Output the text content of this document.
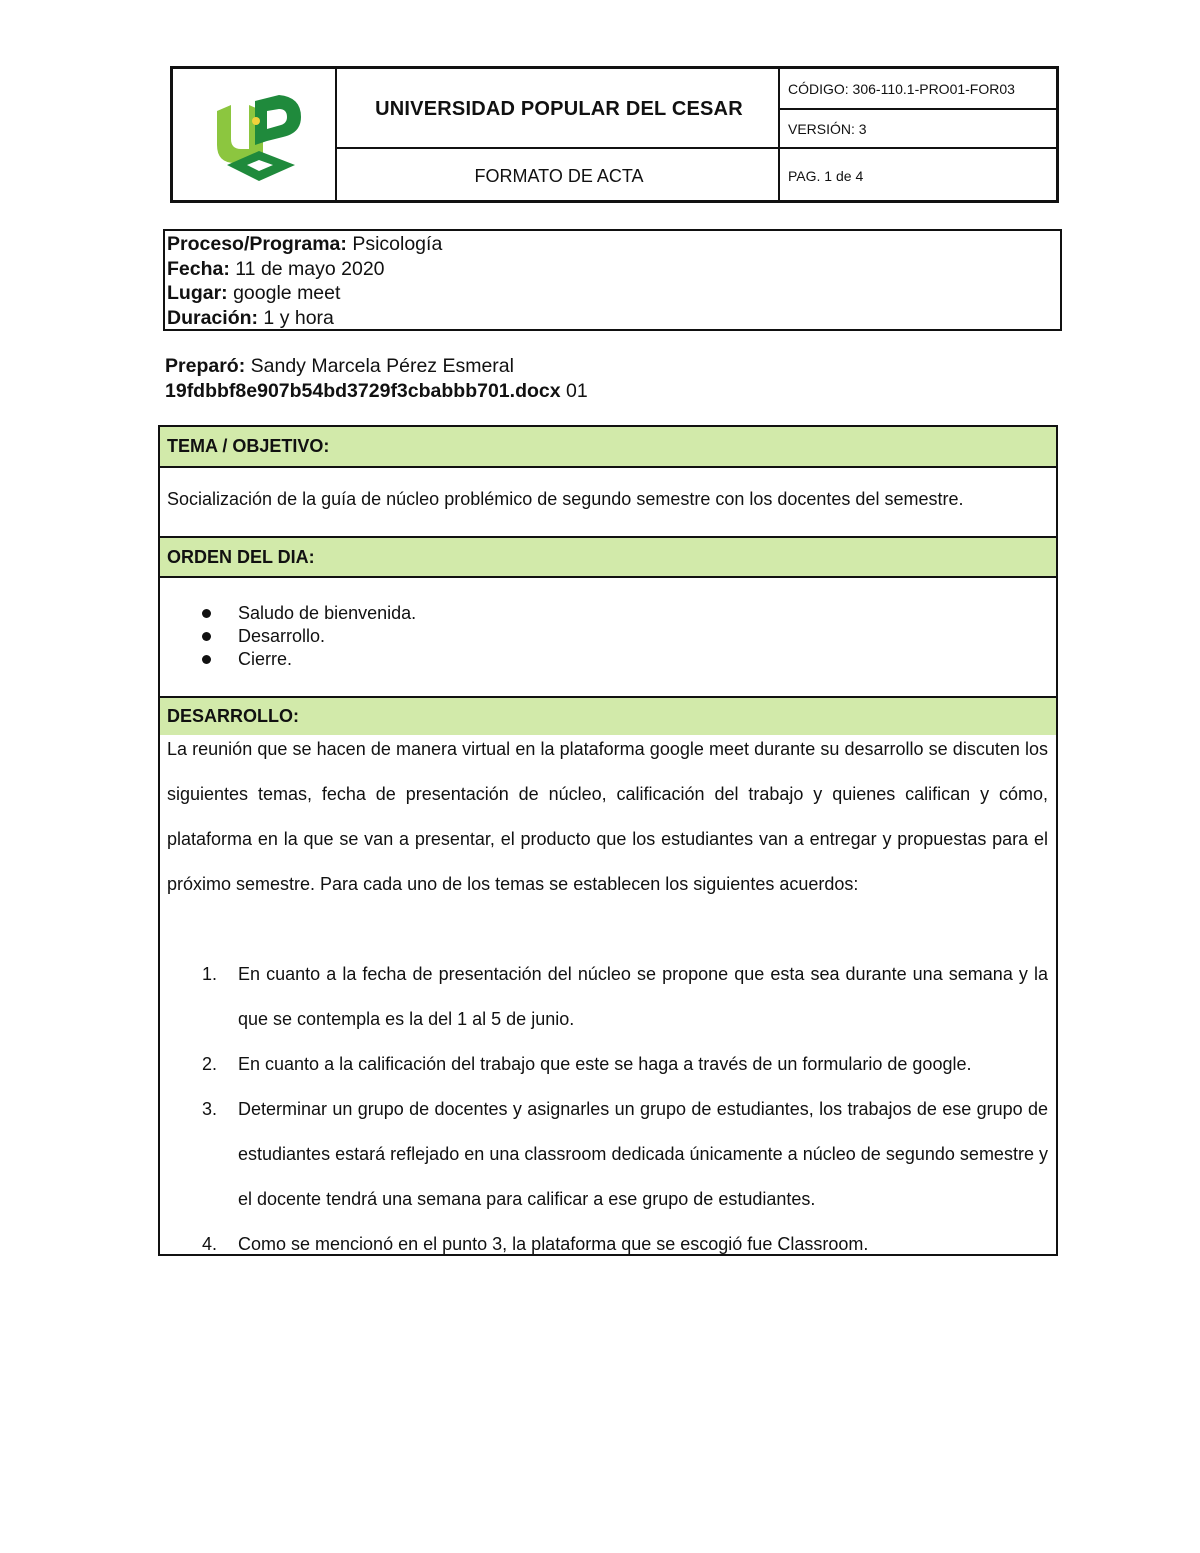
UNIVERSIDAD POPULAR DEL CESAR
FORMATO DE ACTA
CÓDIGO: 306-110.1-PRO01-FOR03
VERSIÓN: 3
PAG. 1 de 4
Proceso/Programa: Psicología
Fecha: 11 de mayo 2020
Lugar: google meet
Duración: 1 y hora
Preparó: Sandy Marcela Pérez Esmeral
19fdbbf8e907b54bd3729f3cbabbb701.docx 01
TEMA / OBJETIVO:
Socialización de la guía de núcleo problémico de segundo semestre con los docentes del semestre.
ORDEN DEL DIA:
Saludo de bienvenida.
Desarrollo.
Cierre.
DESARROLLO:
La reunión que se hacen de manera virtual en la plataforma google meet durante su desarrollo se discuten los siguientes temas, fecha de presentación de núcleo, calificación del trabajo y quienes califican y cómo, plataforma en la que se van a presentar, el producto que los estudiantes van a entregar y propuestas para el próximo semestre. Para cada uno de los temas se establecen los siguientes acuerdos:
1. En cuanto a la fecha de presentación del núcleo se propone que esta sea durante una semana y la que se contempla es la del 1 al 5 de junio.
2. En cuanto a la calificación del trabajo que este se haga a través de un formulario de google.
3. Determinar un grupo de docentes y asignarles un grupo de estudiantes, los trabajos de ese grupo de estudiantes estará reflejado en una classroom dedicada únicamente a núcleo de segundo semestre y el docente tendrá una semana para calificar a ese grupo de estudiantes.
4. Como se mencionó en el punto 3, la plataforma que se escogió fue Classroom.
